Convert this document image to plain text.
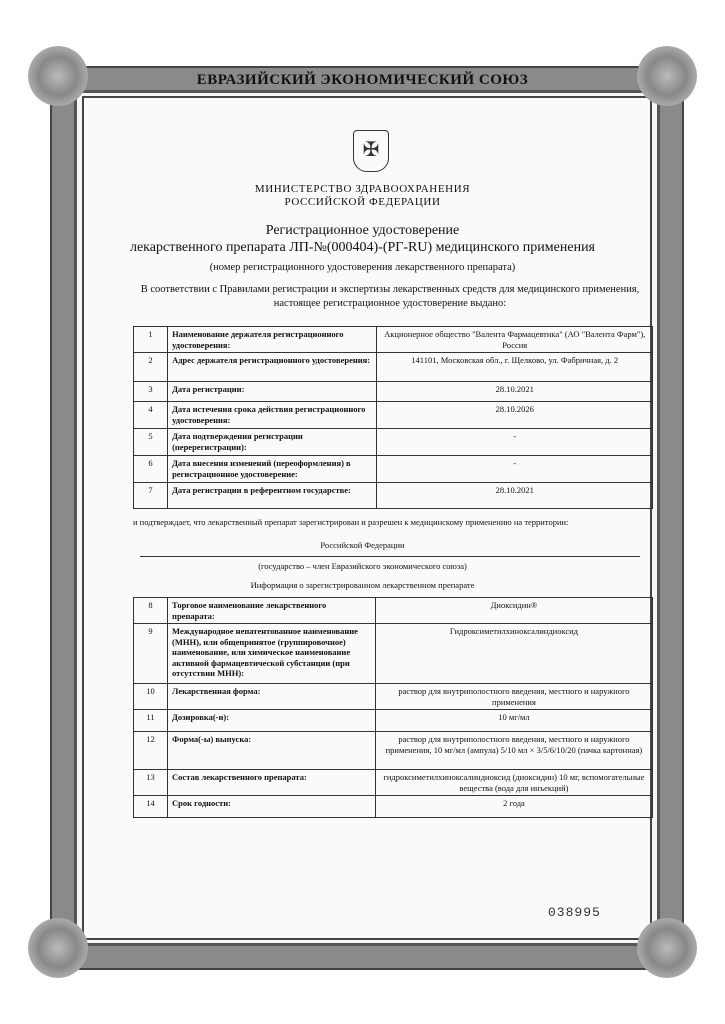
ЕВРАЗИЙСКИЙ ЭКОНОМИЧЕСКИЙ СОЮЗ
✠
МИНИСТЕРСТВО ЗДРАВООХРАНЕНИЯ
РОССИЙСКОЙ ФЕДЕРАЦИИ
Регистрационное удостоверение
лекарственного препарата ЛП-№(000404)-(РГ-RU) медицинского применения
(номер регистрационного удостоверения лекарственного препарата)
В соответствии с Правилами регистрации и экспертизы лекарственных средств для медицинского применения, настоящее регистрационное удостоверение выдано:
1	Наименование держателя регистрационного удостоверения:	Акционерное общество "Валента Фармацевтика" (АО "Валента Фарм"), Россия
2	Адрес держателя регистрационного удостоверения:	141101, Московская обл., г. Щелково, ул. Фабричная, д. 2
3	Дата регистрации:	28.10.2021
4	Дата истечения срока действия регистрационного удостоверения:	28.10.2026
5	Дата подтверждения регистрации (перерегистрации):	-
6	Дата внесения изменений (переоформления) в регистрационное удостоверение:	-
7	Дата регистрации в референтном государстве:	28.10.2021
и подтверждает, что лекарственный препарат зарегистрирован и разрешен к медицинскому применению на территории:
Российской Федерации
(государство – член Евразийского экономического союза)
Информация о зарегистрированном лекарственном препарате
8	Торговое наименование лекарственного препарата:	Диоксидин®
9	Международное непатентованное наименование (МНН), или общепринятое (группировочное) наименование, или химическое наименование активной фармацевтической субстанции (при отсутствии МНН):	Гидроксиметилхиноксалиндиоксид
10	Лекарственная форма:	раствор для внутриполостного введения, местного и наружного применения
11	Дозировка(-и):	10 мг/мл
12	Форма(-ы) выпуска:	раствор для внутриполостного введения, местного и наружного применения, 10 мг/мл (ампула) 5/10 мл × 3/5/6/10/20 (пачка картонная)
13	Состав лекарственного препарата:	гидроксиметилхиноксалиндиоксид (диоксидин) 10 мг, вспомогательные вещества (вода для инъекций)
14	Срок годности:	2 года
038995
